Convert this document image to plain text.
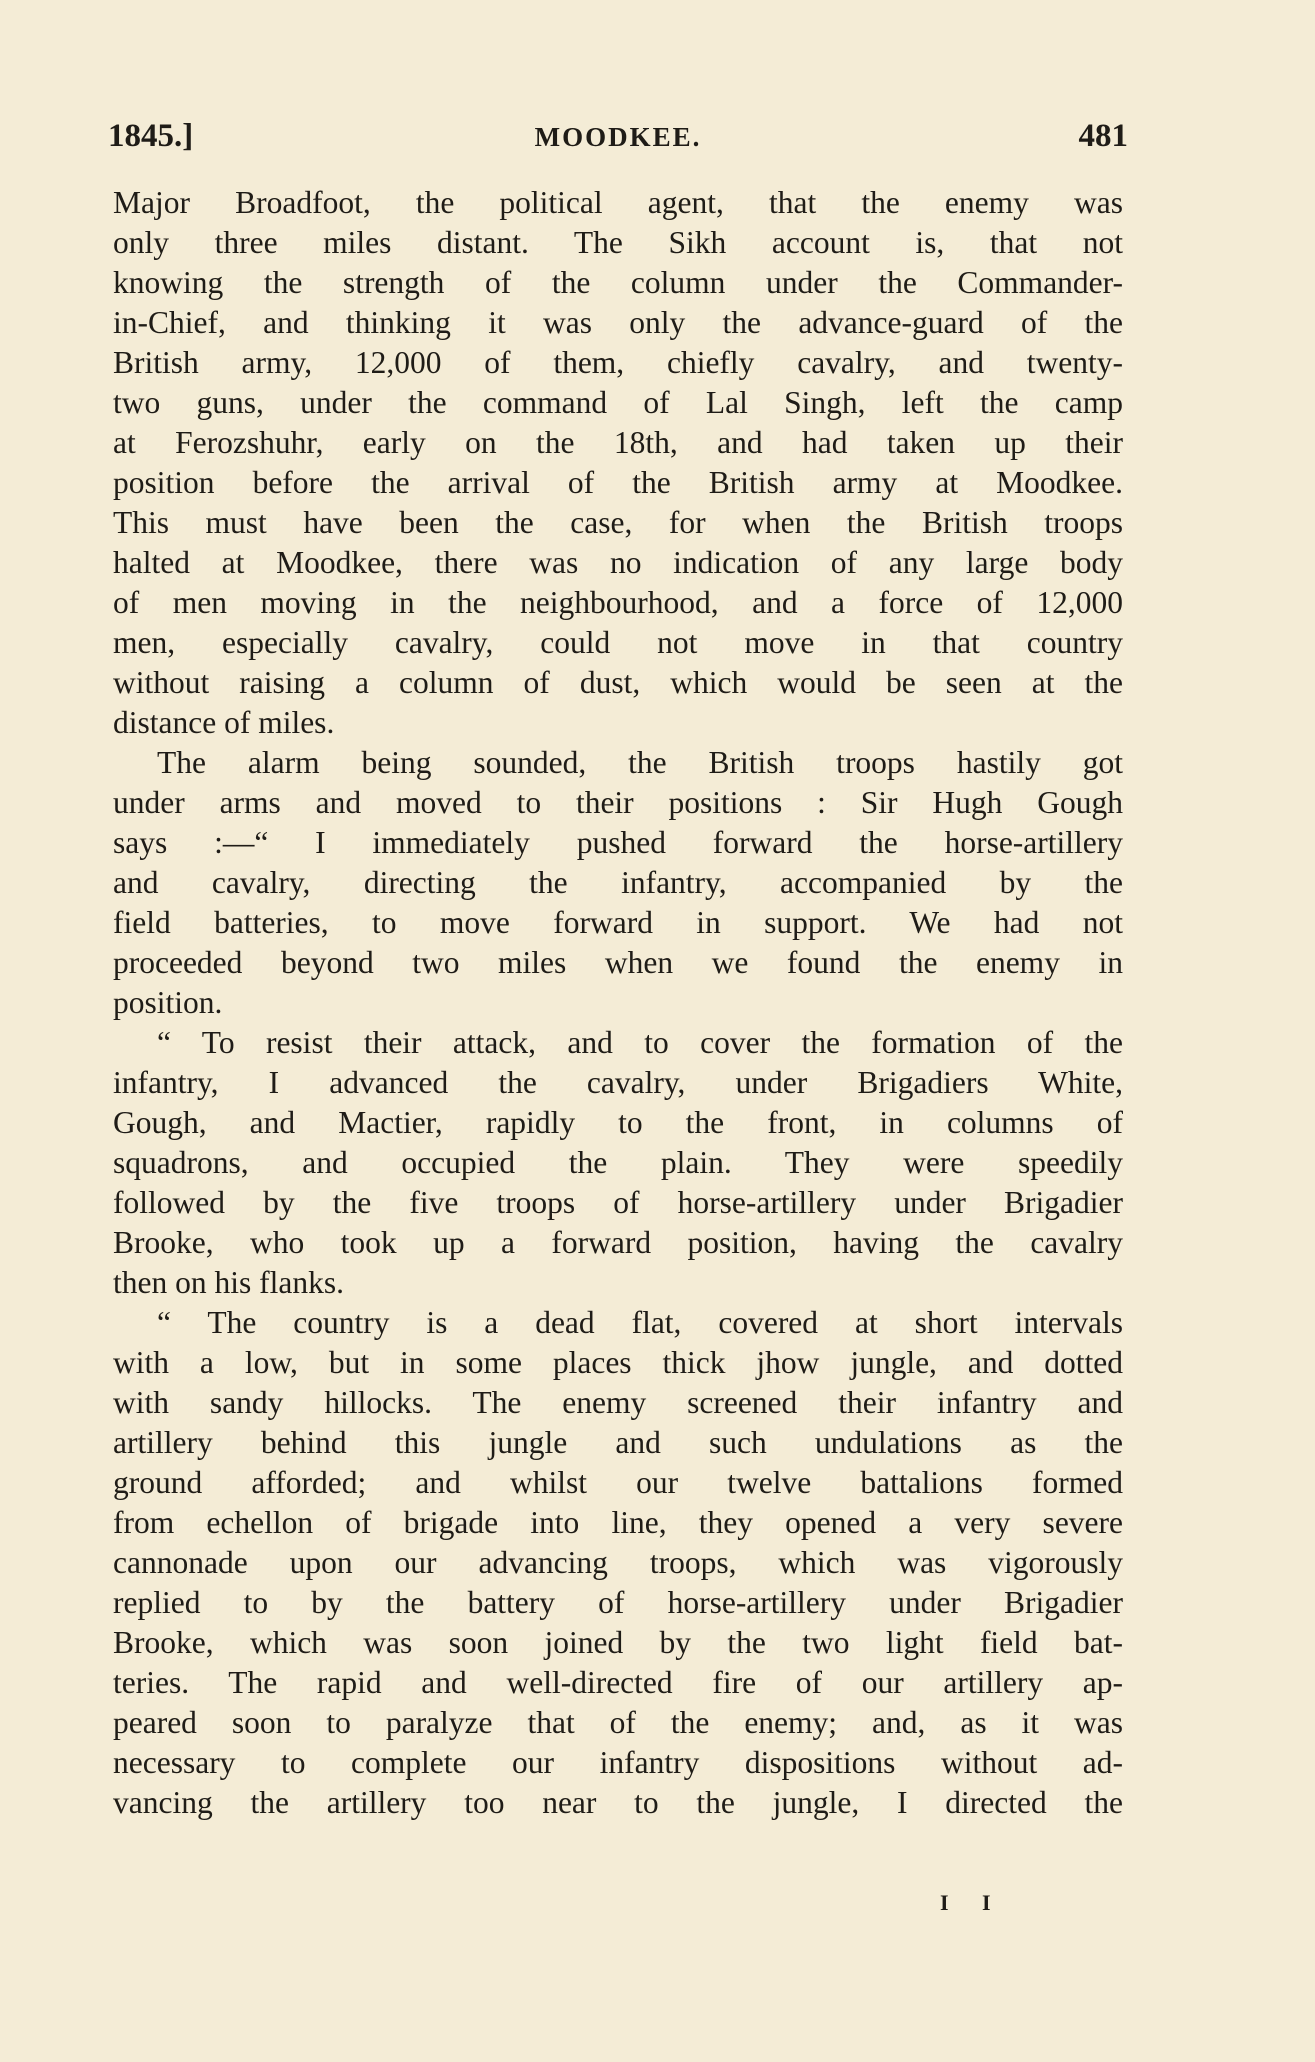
1845.]	MOODKEE.	481
Major Broadfoot, the political agent, that the enemy was
only three miles distant. The Sikh account is, that not
knowing the strength of the column under the Commander-
in-Chief, and thinking it was only the advance-guard of the
British army, 12,000 of them, chiefly cavalry, and twenty-
two guns, under the command of Lal Singh, left the camp
at Ferozshuhr, early on the 18th, and had taken up their
position before the arrival of the British army at Moodkee.
This must have been the case, for when the British troops
halted at Moodkee, there was no indication of any large body
of men moving in the neighbourhood, and a force of 12,000
men, especially cavalry, could not move in that country
without raising a column of dust, which would be seen at the
distance of miles.
The alarm being sounded, the British troops hastily got
under arms and moved to their positions : Sir Hugh Gough
says :—“ I immediately pushed forward the horse-artillery
and cavalry, directing the infantry, accompanied by the
field batteries, to move forward in support. We had not
proceeded beyond two miles when we found the enemy in
position.
“ To resist their attack, and to cover the formation of the
infantry, I advanced the cavalry, under Brigadiers White,
Gough, and Mactier, rapidly to the front, in columns of
squadrons, and occupied the plain. They were speedily
followed by the five troops of horse-artillery under Brigadier
Brooke, who took up a forward position, having the cavalry
then on his flanks.
“ The country is a dead flat, covered at short intervals
with a low, but in some places thick jhow jungle, and dotted
with sandy hillocks. The enemy screened their infantry and
artillery behind this jungle and such undulations as the
ground afforded; and whilst our twelve battalions formed
from echellon of brigade into line, they opened a very severe
cannonade upon our advancing troops, which was vigorously
replied to by the battery of horse-artillery under Brigadier
Brooke, which was soon joined by the two light field bat-
teries. The rapid and well-directed fire of our artillery ap-
peared soon to paralyze that of the enemy; and, as it was
necessary to complete our infantry dispositions without ad-
vancing the artillery too near to the jungle, I directed the
I I
